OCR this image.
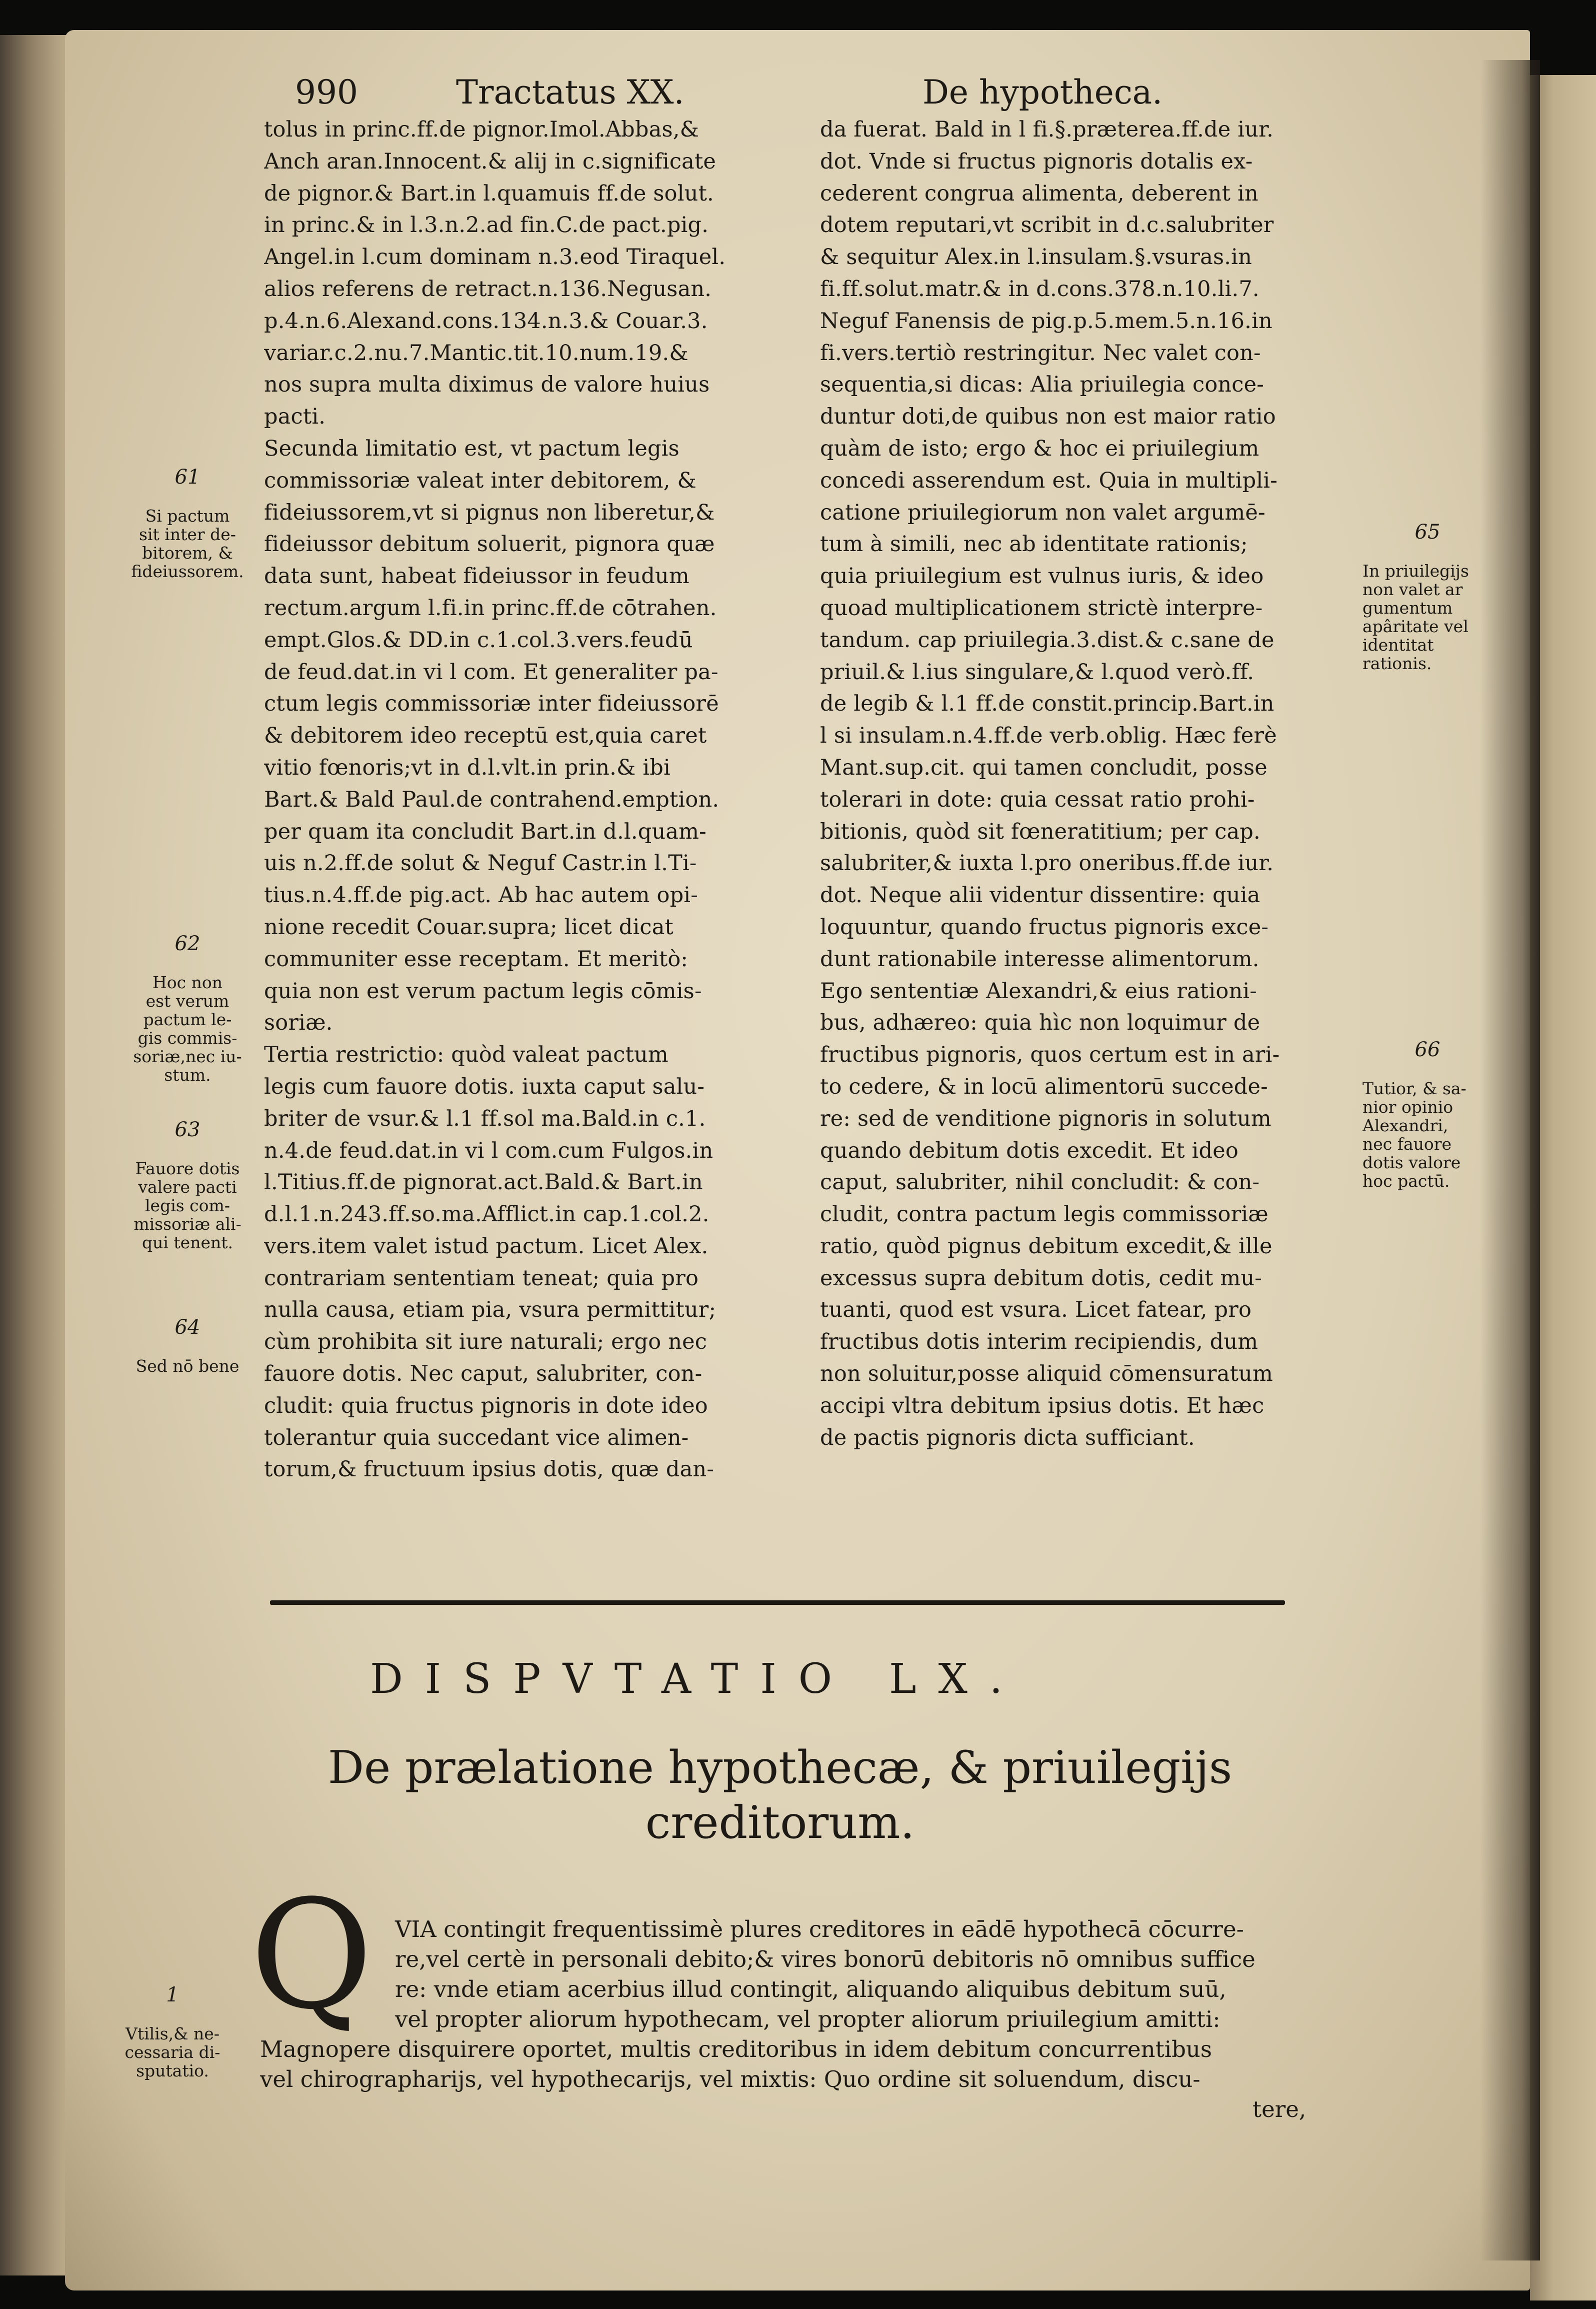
990	Tractatus XX.	De hypotheca.
tolus in princ.ff.de pignor.Imol.Abbas,&
Anch aran.Innocent.& alij in c.significate
de pignor.& Bart.in l.quamuis ff.de solut.
in princ.& in l.3.n.2.ad fin.C.de pact.pig.
Angel.in l.cum dominam n.3.eod Tiraquel.
alios referens de retract.n.136.Negusan.
p.4.n.6.Alexand.cons.134.n.3.& Couar.3.
variar.c.2.nu.7.Mantic.tit.10.num.19.&
nos supra multa diximus de valore huius
pacti.
Secunda limitatio est, vt pactum legis
commissoriæ valeat inter debitorem, &
fideiussorem,vt si pignus non liberetur,&
fideiussor debitum soluerit, pignora quæ
data sunt, habeat fideiussor in feudum
rectum.argum l.fi.in princ.ff.de cōtrahen.
empt.Glos.& DD.in c.1.col.3.vers.feudū
de feud.dat.in vi l com. Et generaliter pa-
ctum legis commissoriæ inter fideiussorē
& debitorem ideo receptū est,quia caret
vitio fœnoris;vt in d.l.vlt.in prin.& ibi
Bart.& Bald Paul.de contrahend.emption.
per quam ita concludit Bart.in d.l.quam-
uis n.2.ff.de solut & Neguf Castr.in l.Ti-
tius.n.4.ff.de pig.act. Ab hac autem opi-
nione recedit Couar.supra; licet dicat
communiter esse receptam. Et meritò:
quia non est verum pactum legis cōmis-
soriæ.
Tertia restrictio: quòd valeat pactum
legis cum fauore dotis. iuxta caput salu-
briter de vsur.& l.1 ff.sol ma.Bald.in c.1.
n.4.de feud.dat.in vi l com.cum Fulgos.in
l.Titius.ff.de pignorat.act.Bald.& Bart.in
d.l.1.n.243.ff.so.ma.Afflict.in cap.1.col.2.
vers.item valet istud pactum. Licet Alex.
contrariam sententiam teneat; quia pro
nulla causa, etiam pia, vsura permittitur;
cùm prohibita sit iure naturali; ergo nec
fauore dotis. Nec caput, salubriter, con-
cludit: quia fructus pignoris in dote ideo
tolerantur quia succedant vice alimen-
torum,& fructuum ipsius dotis, quæ dan-
da fuerat. Bald in l fi.§.præterea.ff.de iur.
dot. Vnde si fructus pignoris dotalis ex-
cederent congrua alimenta, deberent in
dotem reputari,vt scribit in d.c.salubriter
& sequitur Alex.in l.insulam.§.vsuras.in
fi.ff.solut.matr.& in d.cons.378.n.10.li.7.
Neguf Fanensis de pig.p.5.mem.5.n.16.in
fi.vers.tertiò restringitur. Nec valet con-
sequentia,si dicas: Alia priuilegia conce-
duntur doti,de quibus non est maior ratio
quàm de isto; ergo & hoc ei priuilegium
concedi asserendum est. Quia in multipli-
catione priuilegiorum non valet argumē-
tum à simili, nec ab identitate rationis;
quia priuilegium est vulnus iuris, & ideo
quoad multiplicationem strictè interpre-
tandum. cap priuilegia.3.dist.& c.sane de
priuil.& l.ius singulare,& l.quod verò.ff.
de legib & l.1 ff.de constit.princip.Bart.in
l si insulam.n.4.ff.de verb.oblig. Hæc ferè
Mant.sup.cit. qui tamen concludit, posse
tolerari in dote: quia cessat ratio prohi-
bitionis, quòd sit fœneratitium; per cap.
salubriter,& iuxta l.pro oneribus.ff.de iur.
dot. Neque alii videntur dissentire: quia
loquuntur, quando fructus pignoris exce-
dunt rationabile interesse alimentorum.
Ego sententiæ Alexandri,& eius rationi-
bus, adhæreo: quia hìc non loquimur de
fructibus pignoris, quos certum est in ari-
to cedere, & in locū alimentorū succede-
re: sed de venditione pignoris in solutum
quando debitum dotis excedit. Et ideo
caput, salubriter, nihil concludit: & con-
cludit, contra pactum legis commissoriæ
ratio, quòd pignus debitum excedit,& ille
excessus supra debitum dotis, cedit mu-
tuanti, quod est vsura. Licet fatear, pro
fructibus dotis interim recipiendis, dum
non soluitur,posse aliquid cōmensuratum
accipi vltra debitum ipsius dotis. Et hæc
de pactis pignoris dicta sufficiant.

61

Si pactum
sit inter de-
bitorem, &
fideiussorem.

62

Hoc non
est verum
pactum le-
gis commis-
soriæ,nec iu-
stum.

63

Fauore dotis
valere pacti
legis com-
missoriæ ali-
qui tenent.

64

Sed nō bene

65

In priuilegijs
non valet ar
gumentum
apâritate vel
identitat
rationis.

66

Tutior, & sa-
nior opinio
Alexandri,
nec fauore
dotis valore
hoc pactū.

1

Vtilis,& ne-
cessaria di-
sputatio.

DISPVTATIO LX.
De prælatione hypothecæ, & priuilegijs
creditorum.
Q VIA contingit frequentissimè plures creditores in eādē hypothecā cōcurre-
re,vel certè in personali debito;& vires bonorū debitoris nō omnibus suffice
re: vnde etiam acerbius illud contingit, aliquando aliquibus debitum suū,
vel propter aliorum hypothecam, vel propter aliorum priuilegium amitti:
Magnopere disquirere oportet, multis creditoribus in idem debitum concurrentibus
vel chirographarijs, vel hypothecarijs, vel mixtis: Quo ordine sit soluendum, discu-
tere,
